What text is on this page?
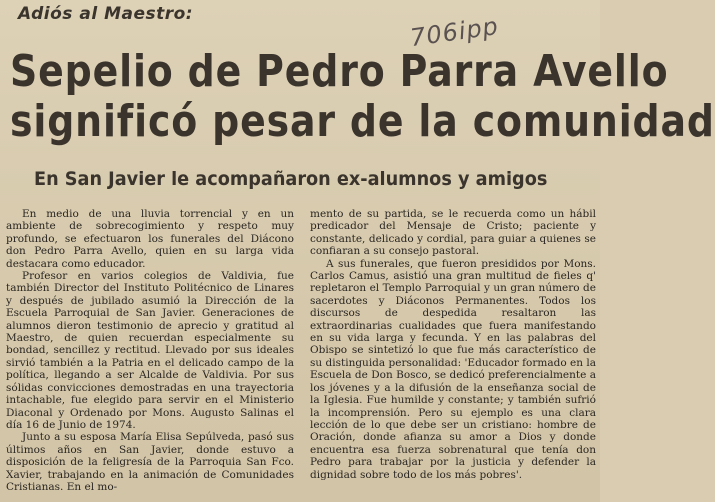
Adiós al Maestro:	706ipp
Sepelio de Pedro Parra Avello
significó pesar de la comunidad
En San Javier le acompañaron ex-alumnos y amigos

En medio de una lluvia torrencial y en un ambiente de sobrecogimiento y respeto muy profundo, se efectuaron los funerales del Diácono don Pedro Parra Avello, quien en su larga vida destacara como educador.

Profesor en varios colegios de Valdivia, fue también Director del Instituto Politécnico de Linares y después de jubilado asumió la Dirección de la Escuela Parroquial de San Javier. Generaciones de alumnos dieron testimonio de aprecio y gratitud al Maestro, de quien recuerdan especialmente su bondad, sencillez y rectitud. Llevado por sus ideales sirvió también a la Patria en el delicado campo de la política, llegando a ser Alcalde de Valdivia. Por sus sólidas convicciones demostradas en una trayectoria intachable, fue elegido para servir en el Ministerio Diaconal y Ordenado por Mons. Augusto Salinas el día 16 de Junio de 1974.

Junto a su esposa María Elisa Sepúlveda, pasó sus últimos años en San Javier, donde estuvo a disposición de la feligresía de la Parroquia San Fco. Xavier, trabajando en la animación de Comunidades Cristianas. En el mo-

mento de su partida, se le recuerda como un hábil predicador del Mensaje de Cristo; paciente y constante, delicado y cordial, para guiar a quienes se confiaran a su consejo pastoral.

A sus funerales, que fueron presididos por Mons. Carlos Camus, asistió una gran multitud de fieles q' repletaron el Templo Parroquial y un gran número de sacerdotes y Diáconos Permanentes. Todos los discursos de despedida resaltaron las extraordinarias cualidades que fuera manifestando en su vida larga y fecunda. Y en las palabras del Obispo se sintetizó lo que fue más característico de su distinguida personalidad: 'Educador formado en la Escuela de Don Bosco, se dedicó preferencialmente a los jóvenes y a la difusión de la enseñanza social de la Iglesia. Fue humilde y constante; y también sufrió la incomprensión. Pero su ejemplo es una clara lección de lo que debe ser un cristiano: hombre de Oración, donde afianza su amor a Dios y donde encuentra esa fuerza sobrenatural que tenía don Pedro para trabajar por la justicia y defender la dignidad sobre todo de los más pobres'.
